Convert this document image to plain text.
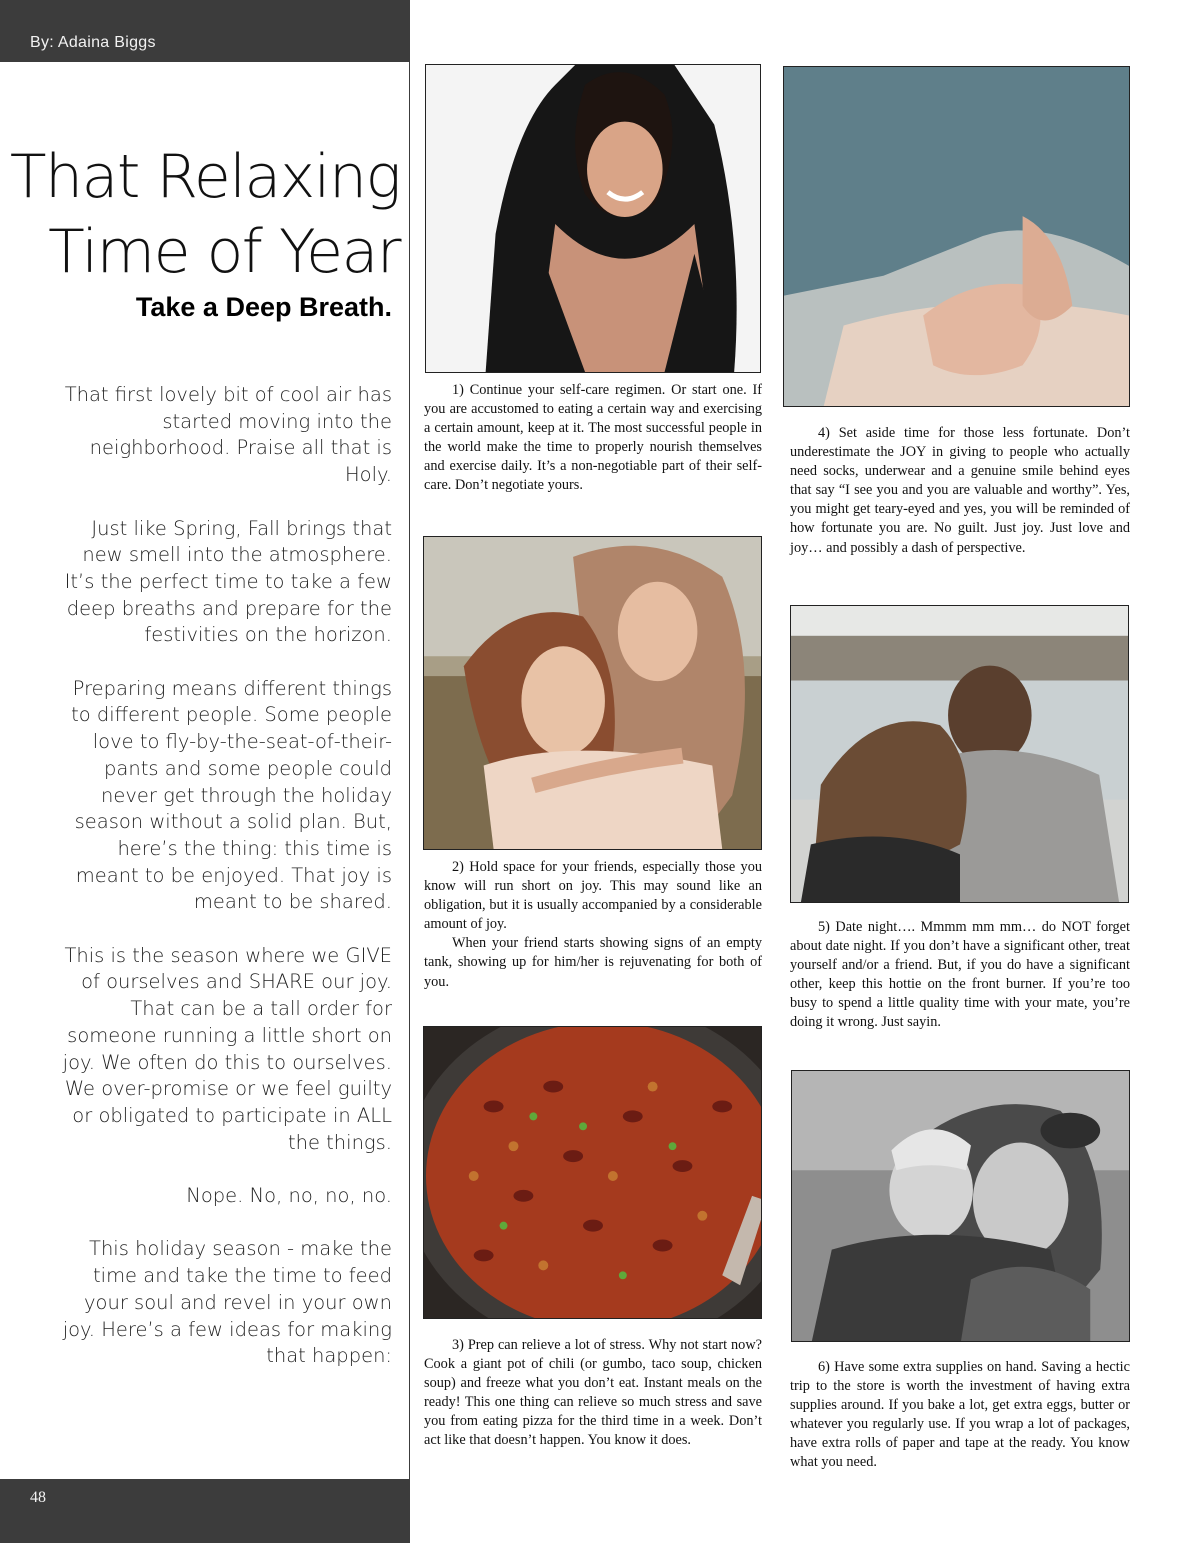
By: Adaina Biggs
48
That Relaxing
Time of Year
Take a Deep Breath.

That first lovely bit of cool air has started moving into the neighborhood. Praise all that is Holy.

Just like Spring, Fall brings that new smell into the atmosphere. It’s the perfect time to take a few deep breaths and prepare for the festivities on the horizon.

Preparing means different things to different people. Some people love to fly-by-the-seat-of-their-pants and some people could never get through the holiday season without a solid plan. But, here’s the thing: this time is meant to be enjoyed. That joy is meant to be shared.

This is the season where we GIVE of ourselves and SHARE our joy. That can be a tall order for someone running a little short on joy. We often do this to ourselves. We over-promise or we feel guilty or obligated to participate in ALL the things.

Nope. No, no, no, no.

This holiday season - make the time and take the time to feed your soul and revel in your own joy. Here’s a few ideas for making that happen:

1) Continue your self-care regimen. Or start one. If you are accustomed to eating a certain way and exercising a certain amount, keep at it. The most successful people in the world make the time to properly nourish themselves and exercise daily. It’s a non-negotiable part of their self-care. Don’t negotiate yours.

4) Set aside time for those less fortunate. Don’t underestimate the JOY in giving to people who actually need socks, underwear and a genuine smile behind eyes that say “I see you and you are valuable and worthy”. Yes, you might get teary-eyed and yes, you will be reminded of how fortunate you are. No guilt. Just joy. Just love and joy… and possibly a dash of perspective.

2) Hold space for your friends, especially those you know will run short on joy. This may sound like an obligation, but it is usually accompanied by a considerable amount of joy.

When your friend starts showing signs of an empty tank, showing up for him/her is rejuvenating for both of you.

5) Date night…. Mmmm mm mm… do NOT forget about date night. If you don’t have a significant other, treat yourself and/or a friend. But, if you do have a significant other, keep this hottie on the front burner. If you’re too busy to spend a little quality time with your mate, you’re doing it wrong. Just sayin.

3) Prep can relieve a lot of stress. Why not start now? Cook a giant pot of chili (or gumbo, taco soup, chicken soup) and freeze what you don’t eat. Instant meals on the ready! This one thing can relieve so much stress and save you from eating pizza for the third time in a week. Don’t act like that doesn’t happen. You know it does.

6) Have some extra supplies on hand. Saving a hectic trip to the store is worth the investment of having extra supplies around. If you bake a lot, get extra eggs, butter or whatever you regularly use. If you wrap a lot of packages, have extra rolls of paper and tape at the ready. You know what you need.
